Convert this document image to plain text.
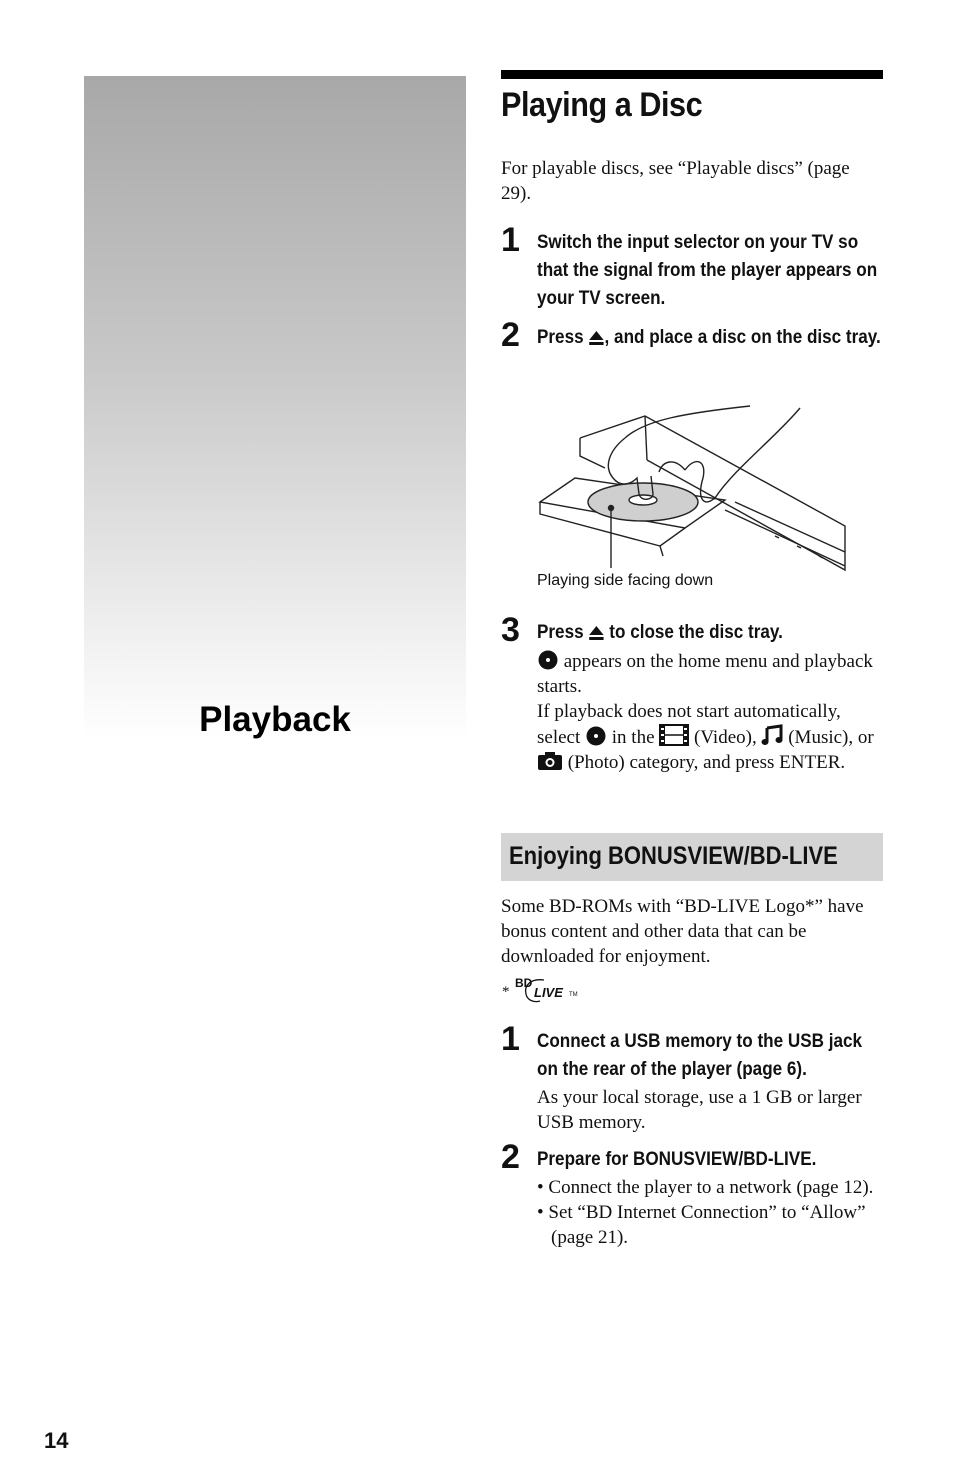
Playback
Playing a Disc
For playable discs, see “Playable discs” (page 29).
1 Switch the input selector on your TV so that the signal from the player appears on your TV screen.
2 Press , and place a disc on the disc tray.
Playing side facing down
3 Press to close the disc tray.
appears on the home menu and playback starts.
If playback does not start automatically, select in the (Video), (Music), or  (Photo) category, and press ENTER.
Enjoying BONUSVIEW/BD-LIVE
Some BD-ROMs with “BD-LIVE Logo*” have bonus content and other data that can be downloaded for enjoyment.
*
BD
LIVE TM
1 Connect a USB memory to the USB jack on the rear of the player (page 6).
As your local storage, use a 1 GB or larger USB memory.
2 Prepare for BONUSVIEW/BD-LIVE.
• Connect the player to a network (page 12).
• Set “BD Internet Connection” to “Allow” (page 21).
14
